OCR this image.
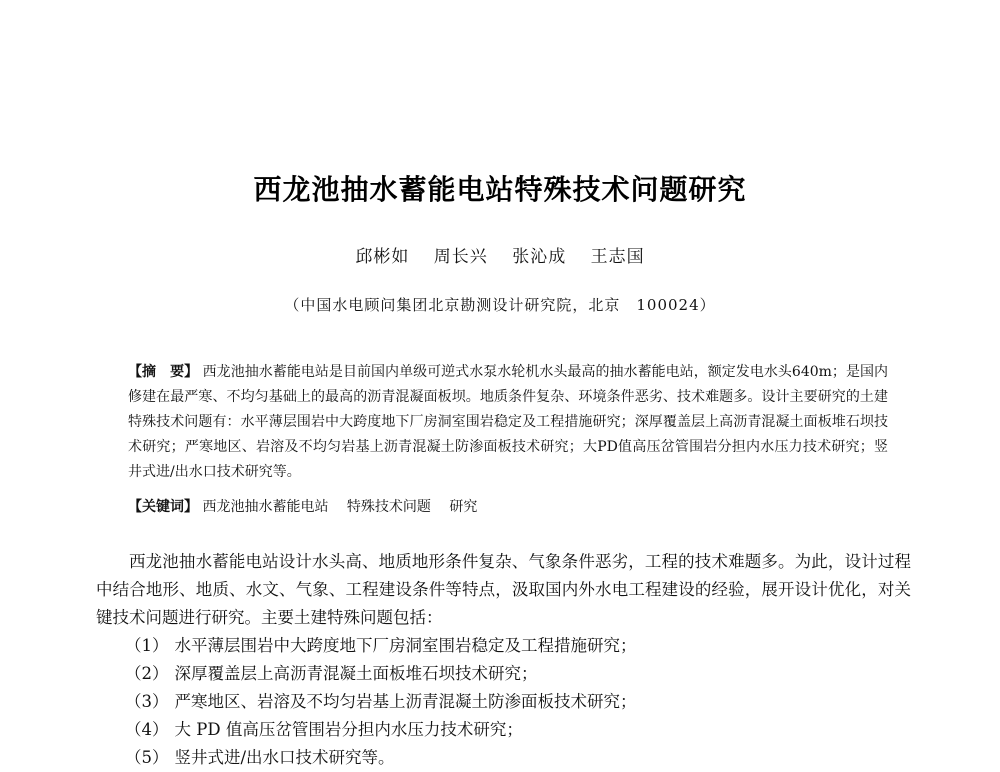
西龙池抽水蓄能电站特殊技术问题研究
邱彬如 周长兴 张沁成 王志国
（中国水电顾问集团北京勘测设计研究院，北京　100024）
【摘　要】 西龙池抽水蓄能电站是目前国内单级可逆式水泵水轮机水头最高的抽水蓄能电站，额定发电水头640m；是国内修建在最严寒、不均匀基础上的最高的沥青混凝面板坝。地质条件复杂、环境条件恶劣、技术难题多。设计主要研究的土建特殊技术问题有：水平薄层围岩中大跨度地下厂房洞室围岩稳定及工程措施研究；深厚覆盖层上高沥青混凝土面板堆石坝技术研究；严寒地区、岩溶及不均匀岩基上沥青混凝土防渗面板技术研究；大PD值高压岔管围岩分担内水压力技术研究；竖井式进/出水口技术研究等。
【关键词】 西龙池抽水蓄能电站 特殊技术问题 研究

西龙池抽水蓄能电站设计水头高、地质地形条件复杂、气象条件恶劣，工程的技术难题多。为此，设计过程中结合地形、地质、水文、气象、工程建设条件等特点，汲取国内外水电工程建设的经验，展开设计优化，对关键技术问题进行研究。主要土建特殊问题包括：

（1） 水平薄层围岩中大跨度地下厂房洞室围岩稳定及工程措施研究；
（2） 深厚覆盖层上高沥青混凝土面板堆石坝技术研究；
（3） 严寒地区、岩溶及不均匀岩基上沥青混凝土防渗面板技术研究；
（4） 大 PD 值高压岔管围岩分担内水压力技术研究；
（5） 竖井式进/出水口技术研究等。
